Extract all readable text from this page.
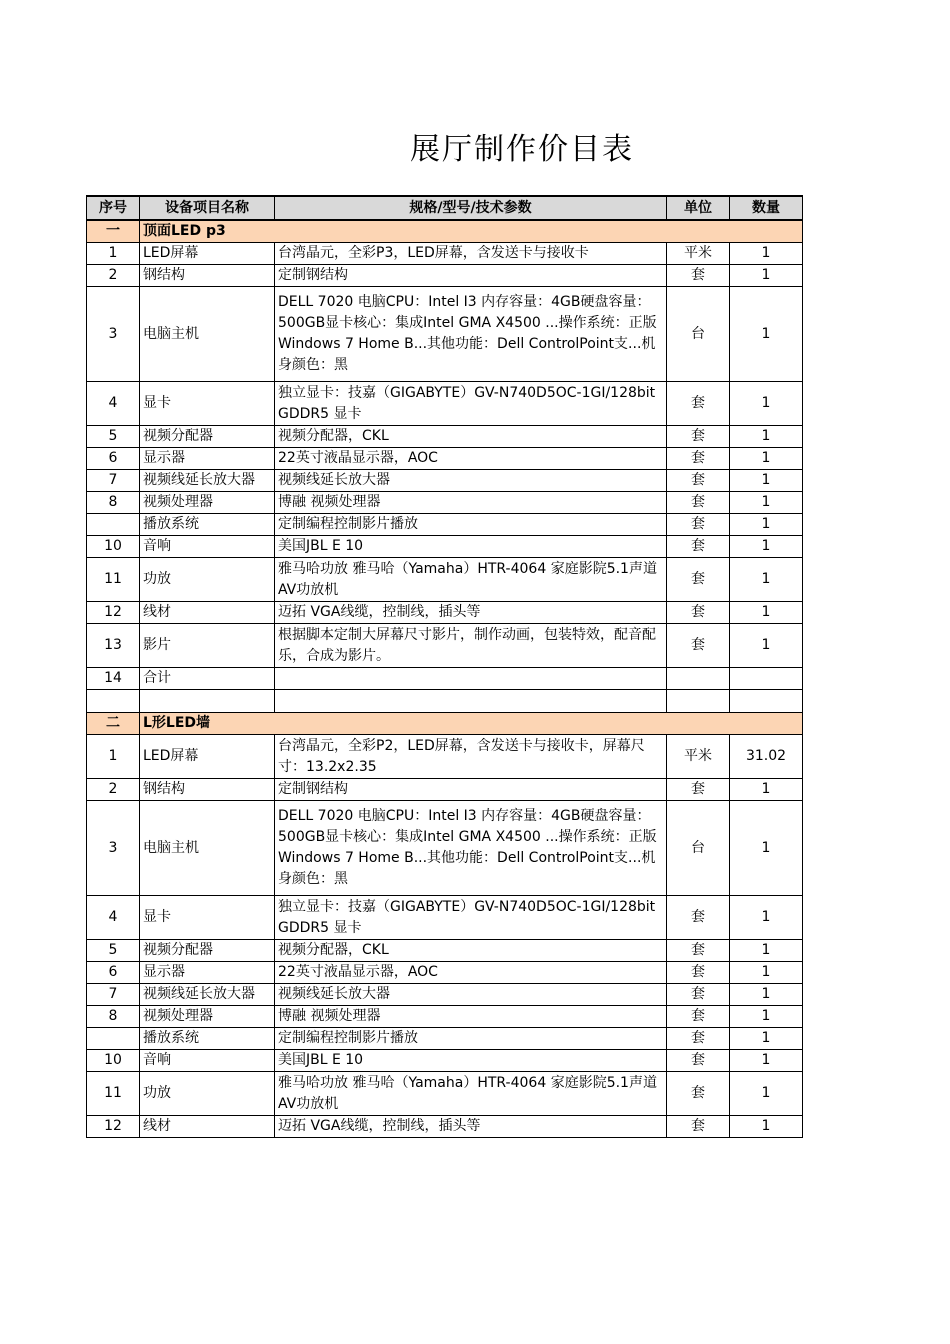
展厅制作价目表
序号	设备项目名称	规格/型号/技术参数	单位	数量
一	顶面LED p3			
1	LED屏幕	台湾晶元，全彩P3，LED屏幕，含发送卡与接收卡	平米	1
2	钢结构	定制钢结构	套	1
3	电脑主机	DELL 7020 电脑CPU：Intel I3 内存容量：4GB硬盘容量：500GB显卡核心：集成Intel GMA X4500 ...操作系统：正版Windows 7 Home B...其他功能：Dell ControlPoint支...机身颜色：黑	台	1
4	显卡	独立显卡：技嘉（GIGABYTE）GV-N740D5OC-1GI/128bit GDDR5 显卡	套	1
5	视频分配器	视频分配器，CKL	套	1
6	显示器	22英寸液晶显示器，AOC	套	1
7	视频线延长放大器	视频线延长放大器	套	1
8	视频处理器	博融 视频处理器	套	1
	播放系统	定制编程控制影片播放	套	1
10	音响	美国JBL E 10	套	1
11	功放	雅马哈功放 雅马哈（Yamaha）HTR-4064 家庭影院5.1声道AV功放机	套	1
12	线材	迈拓 VGA线缆，控制线，插头等	套	1
13	影片	根据脚本定制大屏幕尺寸影片，制作动画，包装特效，配音配乐，合成为影片。	套	1
14	合计			

二	L形LED墙			
1	LED屏幕	台湾晶元，全彩P2，LED屏幕，含发送卡与接收卡，屏幕尺寸：13.2x2.35	平米	31.02
2	钢结构	定制钢结构	套	1
3	电脑主机	DELL 7020 电脑CPU：Intel I3 内存容量：4GB硬盘容量：500GB显卡核心：集成Intel GMA X4500 ...操作系统：正版Windows 7 Home B...其他功能：Dell ControlPoint支...机身颜色：黑	台	1
4	显卡	独立显卡：技嘉（GIGABYTE）GV-N740D5OC-1GI/128bit GDDR5 显卡	套	1
5	视频分配器	视频分配器，CKL	套	1
6	显示器	22英寸液晶显示器，AOC	套	1
7	视频线延长放大器	视频线延长放大器	套	1
8	视频处理器	博融 视频处理器	套	1
	播放系统	定制编程控制影片播放	套	1
10	音响	美国JBL E 10	套	1
11	功放	雅马哈功放 雅马哈（Yamaha）HTR-4064 家庭影院5.1声道AV功放机	套	1
12	线材	迈拓 VGA线缆，控制线，插头等	套	1
